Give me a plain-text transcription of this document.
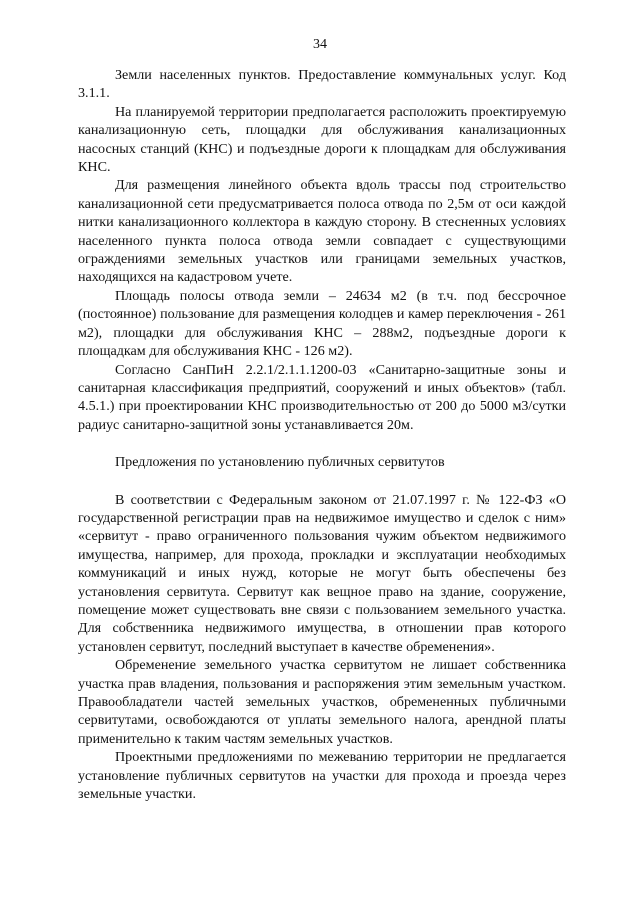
34

Земли населенных пунктов. Предоставление коммунальных услуг. Код 3.1.1.

На планируемой территории предполагается расположить проектируемую канализационную сеть, площадки для обслуживания канализационных насосных станций (КНС) и подъездные дороги к площадкам для обслуживания КНС.

Для размещения линейного объекта вдоль трассы под строительство канализационной сети предусматривается полоса отвода по 2,5м от оси каждой нитки канализационного коллектора в каждую сторону. В стесненных условиях населенного пункта полоса отвода земли совпадает с существующими ограждениями земельных участков или границами земельных участков, находящихся на кадастровом учете.

Площадь полосы отвода земли – 24634 м2 (в т.ч. под бессрочное (постоянное) пользование для размещения колодцев и камер переключения - 261 м2), площадки для обслуживания КНС – 288м2, подъездные дороги к площадкам для обслуживания КНС - 126 м2).

Согласно СанПиН 2.2.1/2.1.1.1200-03 «Санитарно-защитные зоны и санитарная классификация предприятий, сооружений и иных объектов» (табл. 4.5.1.) при проектировании КНС производительностью от 200 до 5000 м3/сутки радиус санитарно-защитной зоны устанавливается 20м.

Предложения по установлению публичных сервитутов

В соответствии с Федеральным законом от 21.07.1997 г. № 122-ФЗ «О государственной регистрации прав на недвижимое имущество и сделок с ним» «сервитут - право ограниченного пользования чужим объектом недвижимого имущества, например, для прохода, прокладки и эксплуатации необходимых коммуникаций и иных нужд, которые не могут быть обеспечены без установления сервитута. Сервитут как вещное право на здание, сооружение, помещение может существовать вне связи с пользованием земельного участка. Для собственника недвижимого имущества, в отношении прав которого установлен сервитут, последний выступает в качестве обременения».

Обременение земельного участка сервитутом не лишает собственника участка прав владения, пользования и распоряжения этим земельным участком. Правообладатели частей земельных участков, обремененных публичными сервитутами, освобождаются от уплаты земельного налога, арендной платы применительно к таким частям земельных участков.

Проектными предложениями по межеванию территории не предлагается установление публичных сервитутов на участки для прохода и проезда через земельные участки.
